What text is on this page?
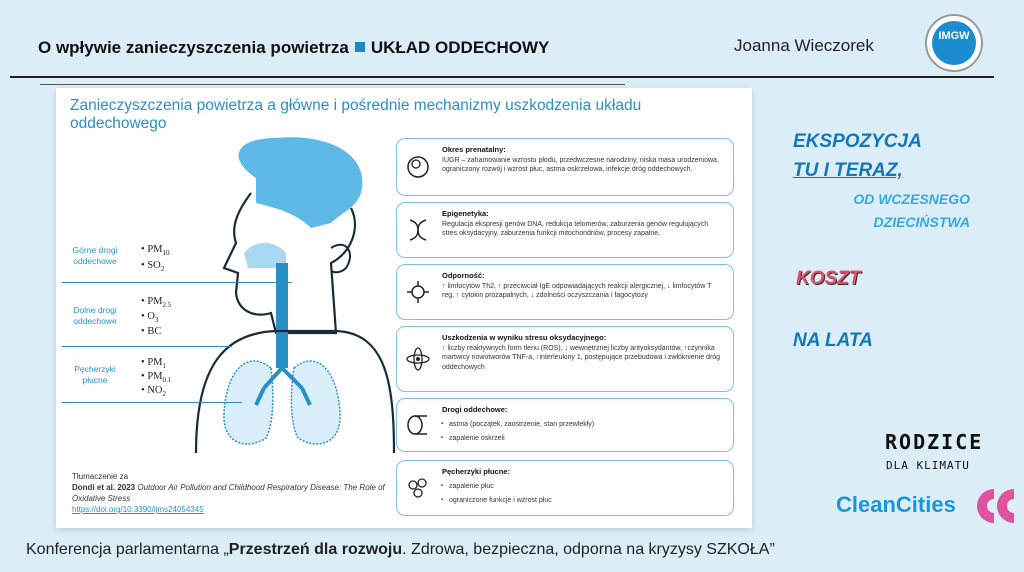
O wpływie zanieczyszczenia powietrza UKŁAD ODDECHOWY	Joanna Wieczorek	IMGW
Zanieczyszczenia powietrza a główne i pośrednie mechanizmy uszkodzenia układu oddechowego
Górne drogi oddechowe
• $PM_{10}$
• $SO_2$
Dolne drogi oddechowe
• $PM_{2.5}$
• $O_3$
• BC
Pęcherzyki płucne
• $PM_1$
• $PM_{0.1}$
• $NO_2$
Okres prenatalny:
IUGR – zahamowanie wzrostu płodu, przedwczesne narodziny, niska masa urodzeniowa, ograniczony rozwój i wzrost płuc, astma oskrzelowa, infekcje dróg oddechowych.
Epigenetyka:
Regulacja ekspresji genów DNA, redukcja telomerów, zaburzenia genów regulujących stres oksydacyjny, zaburzenia funkcji mitochondriów, procesy zapalne.
Odporność:
↑ limfocytów Th2, ↑ przeciwciał IgE odpowiadających reakcji alergicznej, ↓ limfocytów T reg, ↑ cytokin prozapalnych, ↓ zdolności oczyszczania i fagocytozy
Uszkodzenia w wyniku stresu oksydacyjnego:
↑ liczby reaktywnych form tlenu (ROS), ↓ wewnętrznej liczby antyoksydantów, ↑czynnika martwicy nowotworów TNF-a, ↑interleukiny 1, postępujące przebudowa i zwłóknienie dróg oddechowych
Drogi oddechowe:
▪ astma (początek, zaostrzenie, stan przewlekły)
▪ zapalenie oskrzeli
Pęcherzyki płucne:
▪ zapalenie płuc
▪ ograniczone funkcje i wzrost płuc
Tłumaczenie za
Dondi et al. 2023 Outdoor Air Pollution and Childhood Respiratory Disease: The Role of Oxidative Stress
https://doi.org/10.3390/ijms24054345
EKSPOZYCJA
TU I TERAZ,
OD WCZESNEGO
DZIECIŃSTWA
KOSZT
NA LATA
RODZICE
DLA KLIMATU
CleanCities
Konferencja parlamentarna „Przestrzeń dla rozwoju. Zdrowa, bezpieczna, odporna na kryzysy SZKOŁA”
